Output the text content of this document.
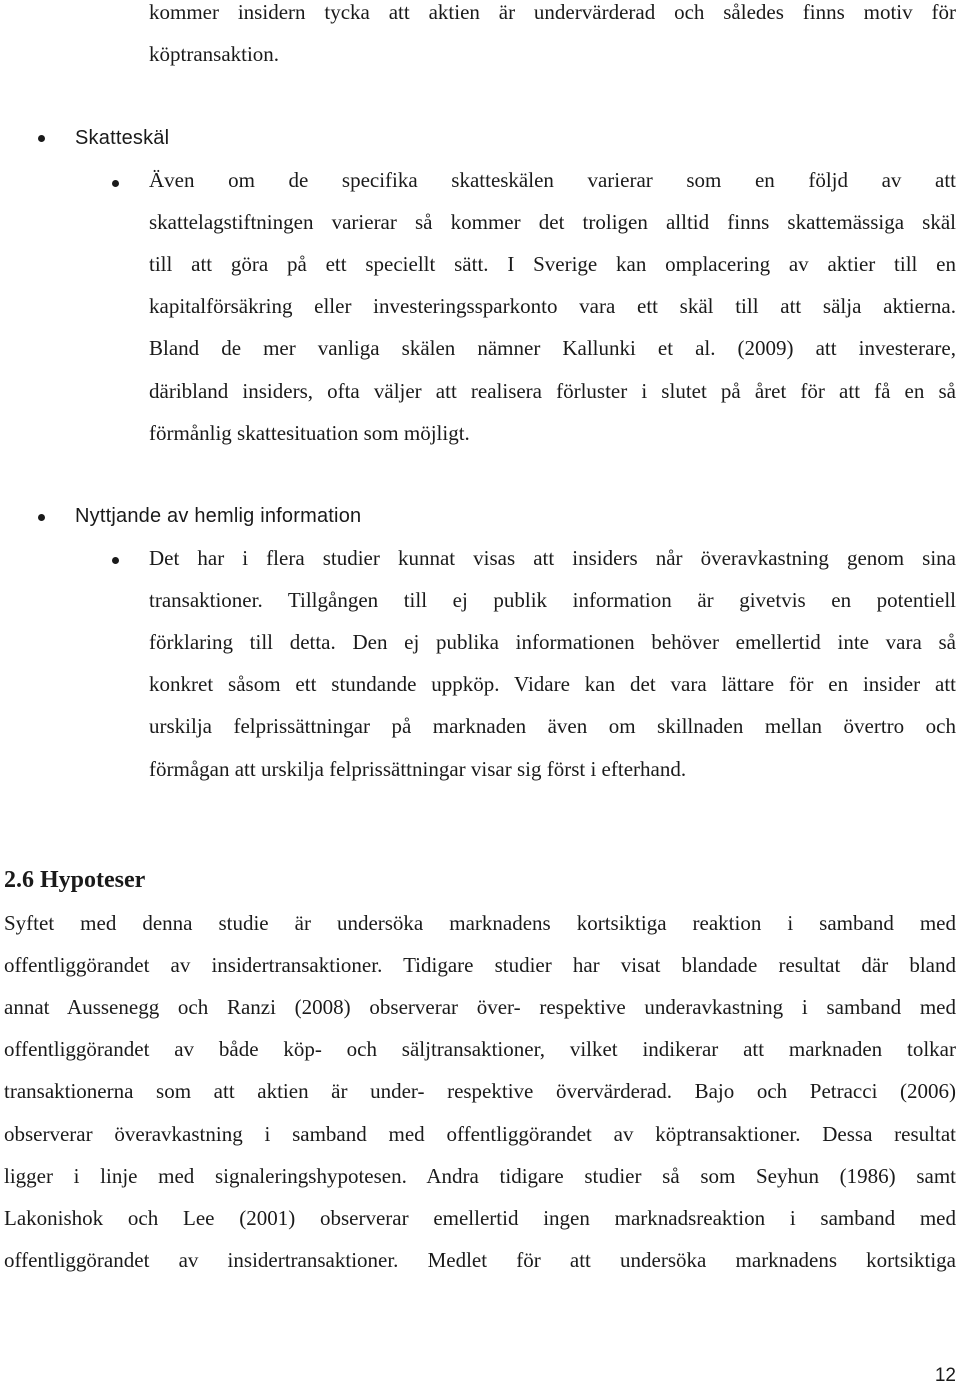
kommer insidern tycka att aktien är undervärderad och således finns motiv för
köptransaktion.
Skatteskäl
Även om de specifika skatteskälen varierar som en följd av att
skattelagstiftningen varierar så kommer det troligen alltid finns skattemässiga skäl
till att göra på ett speciellt sätt. I Sverige kan omplacering av aktier till en
kapitalförsäkring eller investeringssparkonto vara ett skäl till att sälja aktierna.
Bland de mer vanliga skälen nämner Kallunki et al. (2009) att investerare,
däribland insiders, ofta väljer att realisera förluster i slutet på året för att få en så
förmånlig skattesituation som möjligt.
Nyttjande av hemlig information
Det har i flera studier kunnat visas att insiders når överavkastning genom sina
transaktioner. Tillgången till ej publik information är givetvis en potentiell
förklaring till detta. Den ej publika informationen behöver emellertid inte vara så
konkret såsom ett stundande uppköp. Vidare kan det vara lättare för en insider att
urskilja felprissättningar på marknaden även om skillnaden mellan övertro och
förmågan att urskilja felprissättningar visar sig först i efterhand.
2.6 Hypoteser
Syftet med denna studie är undersöka marknadens kortsiktiga reaktion i samband med
offentliggörandet av insidertransaktioner. Tidigare studier har visat blandade resultat där bland
annat Aussenegg och Ranzi (2008) observerar över- respektive underavkastning i samband med
offentliggörandet av både köp- och säljtransaktioner, vilket indikerar att marknaden tolkar
transaktionerna som att aktien är under- respektive övervärderad. Bajo och Petracci (2006)
observerar överavkastning i samband med offentliggörandet av köptransaktioner. Dessa resultat
ligger i linje med signaleringshypotesen. Andra tidigare studier så som Seyhun (1986) samt
Lakonishok och Lee (2001) observerar emellertid ingen marknadsreaktion i samband med
offentliggörandet av insidertransaktioner. Medlet för att undersöka marknadens kortsiktiga
12
